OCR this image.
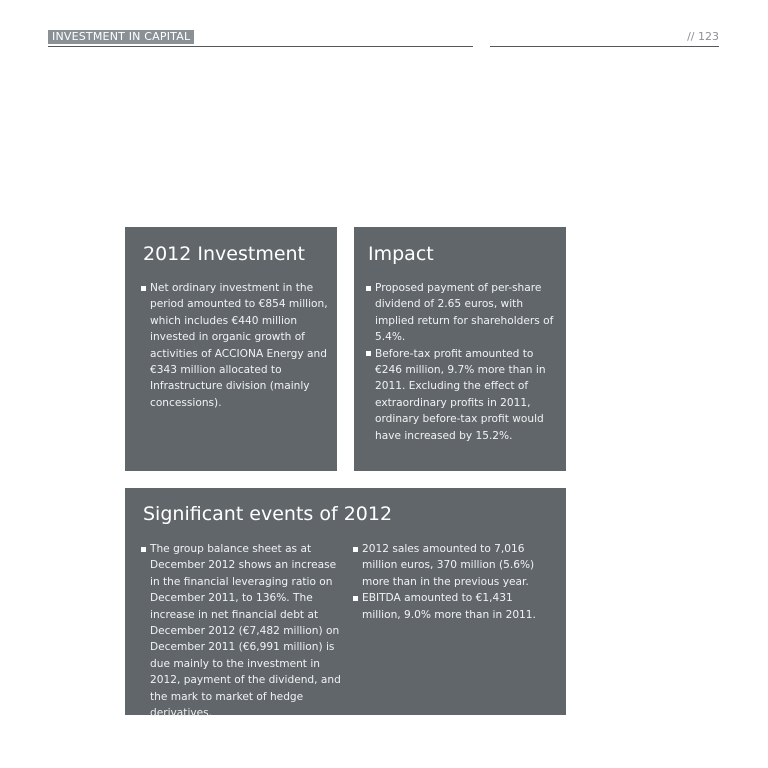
INVESTMENT IN CAPITAL	// 123
2012 Investment
Net ordinary investment in the period amounted to €854 million, which includes €440 million invested in organic growth of activities of ACCIONA Energy and €343 million allocated to Infrastructure division (mainly concessions).
Impact
Proposed payment of per-share dividend of 2.65 euros, with implied return for shareholders of 5.4%.
Before-tax profit amounted to €246 million, 9.7% more than in 2011. Excluding the effect of extraordinary profits in 2011, ordinary before-tax profit would have increased by 15.2%.
Significant events of 2012
The group balance sheet as at December 2012 shows an increase in the financial leveraging ratio on December 2011, to 136%. The increase in net financial debt at December 2012 (€7,482 million) on December 2011 (€6,991 million) is due mainly to the investment in 2012, payment of the dividend, and the mark to market of hedge derivatives.
2012 sales amounted to 7,016 million euros, 370 million (5.6%) more than in the previous year.
EBITDA amounted to €1,431 million, 9.0% more than in 2011.
